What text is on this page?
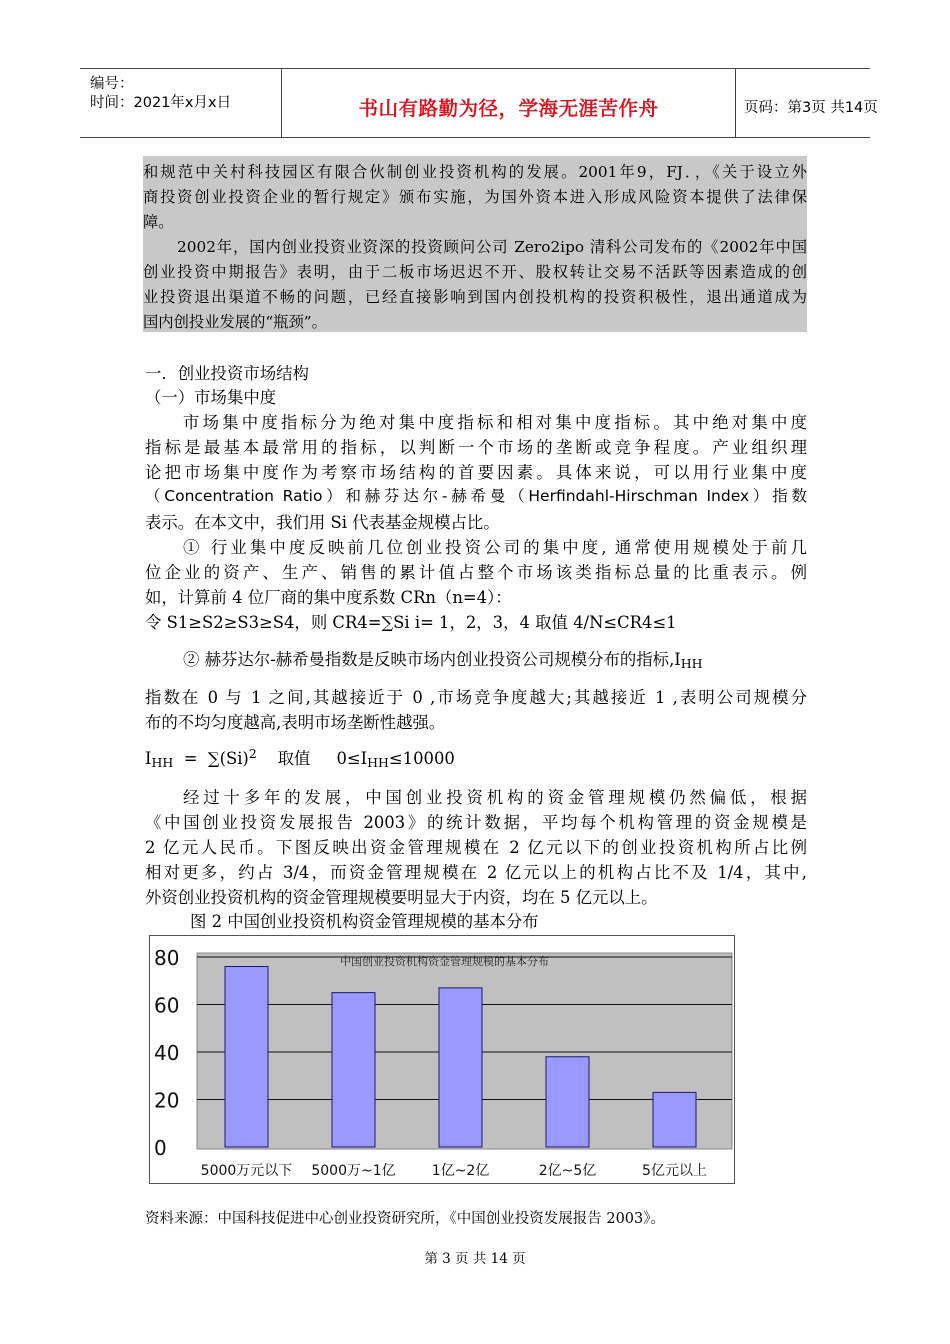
编号：
时间：2021年x月x日	书山有路勤为径，学海无涯苦作舟	页码：第3页 共14页
和规范中关村科技园区有限合伙制创业投资机构的发展。2001年9，FJ．，《关于设立外
商投资创业投资企业的暂行规定》颁布实施，为国外资本进入形成风险资本提供了法律保
障。
2002年，国内创业投资业资深的投资顾问公司 Zero2ipo 清科公司发布的《2002年中国
创业投资中期报告》表明，由于二板市场迟迟不开、股权转让交易不活跃等因素造成的创
业投资退出渠道不畅的问题，已经直接影响到国内创投机构的投资积极性，退出通道成为
国内创投业发展的“瓶颈”。
一．创业投资市场结构
（一）市场集中度
市场集中度指标分为绝对集中度指标和相对集中度指标。其中绝对集中度
指标是最基本最常用的指标，以判断一个市场的垄断或竞争程度。产业组织理
论把市场集中度作为考察市场结构的首要因素。具体来说，可以用行业集中度
（Concentration Ratio）和赫芬达尔-赫希曼（Herfindahl-Hirschman Index）指数
表示。在本文中，我们用 Si 代表基金规模占比。
① 行业集中度反映前几位创业投资公司的集中度, 通常使用规模处于前几
位企业的资产、生产、销售的累计值占整个市场该类指标总量的比重表示。例
如，计算前 4 位厂商的集中度系数 CRn（n=4）：
令 S1≥S2≥S3≥S4，则 CR4=∑Si i= 1，2，3，4 取值 4/N≤CR4≤1
② 赫芬达尔-赫希曼指数是反映市场内创业投资公司规模分布的指标$,I_{HH}$
指数在 0 与 1 之间,其越接近于 0 ,市场竞争度越大;其越接近 1 ,表明公司规模分
布的不均匀度越高,表明市场垄断性越强。
$I_{HH} = \sum(Si)^2$    取值     $0\le I_{HH}\le 10000$
经过十多年的发展，中国创业投资机构的资金管理规模仍然偏低，根据
《中国创业投资发展报告 2003》的统计数据，平均每个机构管理的资金规模是
2 亿元人民币。下图反映出资金管理规模在 2 亿元以下的创业投资机构所占比例
相对更多，约占 3/4，而资金管理规模在 2 亿元以上的机构占比不及 1/4，其中,
外资创业投资机构的资金管理规模要明显大于内资，均在 5 亿元以上。
图 2 中国创业投资机构资金管理规模的基本分布
80
60
40
20
0
中国创业投资机构资金管理规模的基本分布
5000万元以下 5000万~1亿	1亿~2亿	2亿~5亿	5亿元以上
资料来源：中国科技促进中心创业投资研究所，《中国创业投资发展报告 2003》。
第 3 页 共 14 页
